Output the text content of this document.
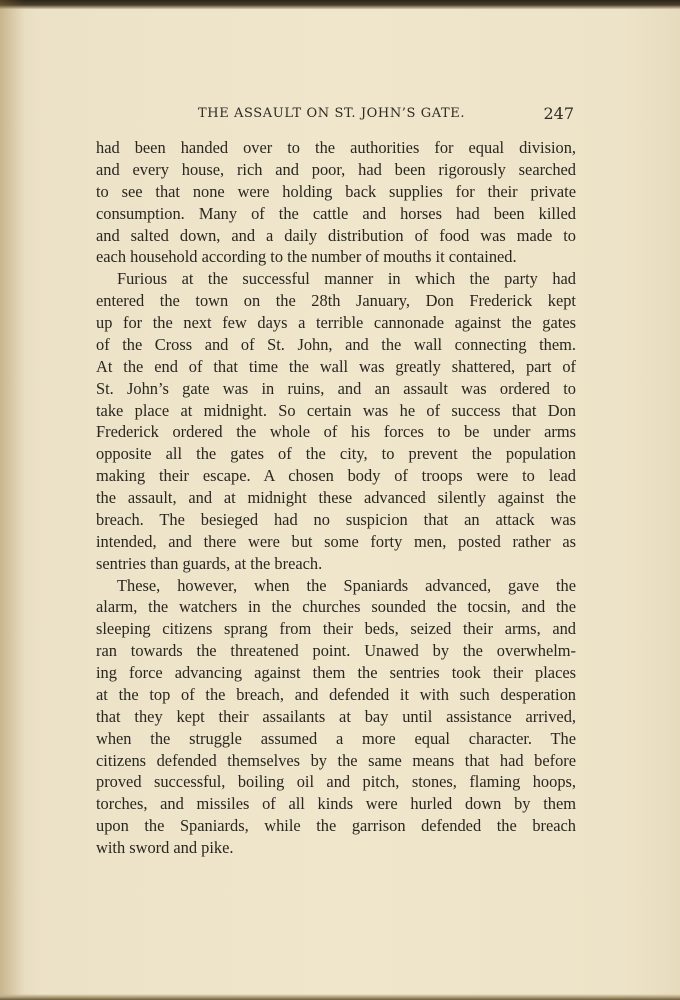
THE ASSAULT ON ST. JOHN’S GATE.	247
had been handed over to the authorities for equal division,
and every house, rich and poor, had been rigorously searched
to see that none were holding back supplies for their private
consumption. Many of the cattle and horses had been killed
and salted down, and a daily distribution of food was made to
each household according to the number of mouths it contained.
Furious at the successful manner in which the party had
entered the town on the 28th January, Don Frederick kept
up for the next few days a terrible cannonade against the gates
of the Cross and of St. John, and the wall connecting them.
At the end of that time the wall was greatly shattered, part of
St. John’s gate was in ruins, and an assault was ordered to
take place at midnight. So certain was he of success that Don
Frederick ordered the whole of his forces to be under arms
opposite all the gates of the city, to prevent the population
making their escape. A chosen body of troops were to lead
the assault, and at midnight these advanced silently against the
breach. The besieged had no suspicion that an attack was
intended, and there were but some forty men, posted rather as
sentries than guards, at the breach.
These, however, when the Spaniards advanced, gave the
alarm, the watchers in the churches sounded the tocsin, and the
sleeping citizens sprang from their beds, seized their arms, and
ran towards the threatened point. Unawed by the overwhelm-
ing force advancing against them the sentries took their places
at the top of the breach, and defended it with such desperation
that they kept their assailants at bay until assistance arrived,
when the struggle assumed a more equal character. The
citizens defended themselves by the same means that had before
proved successful, boiling oil and pitch, stones, flaming hoops,
torches, and missiles of all kinds were hurled down by them
upon the Spaniards, while the garrison defended the breach
with sword and pike.
